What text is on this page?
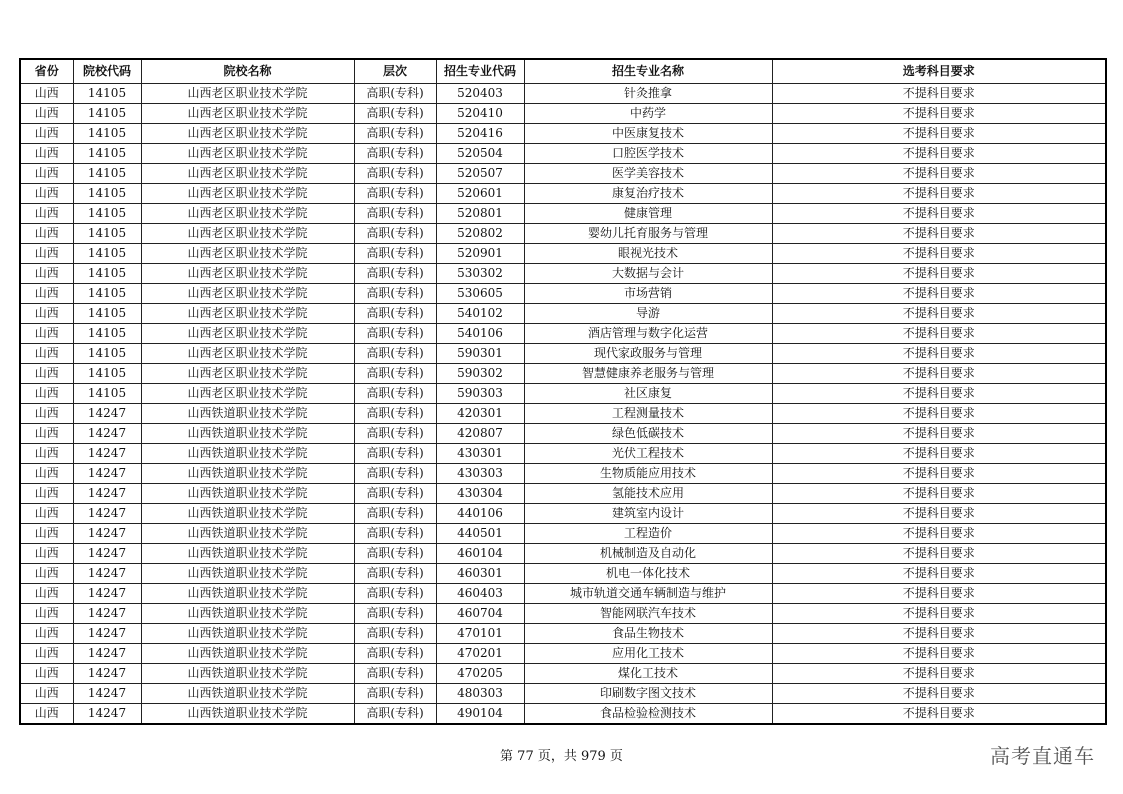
省份	院校代码	院校名称	层次	招生专业代码	招生专业名称	选考科目要求
山西	14105	山西老区职业技术学院	高职(专科)	520403	针灸推拿	不提科目要求
山西	14105	山西老区职业技术学院	高职(专科)	520410	中药学	不提科目要求
山西	14105	山西老区职业技术学院	高职(专科)	520416	中医康复技术	不提科目要求
山西	14105	山西老区职业技术学院	高职(专科)	520504	口腔医学技术	不提科目要求
山西	14105	山西老区职业技术学院	高职(专科)	520507	医学美容技术	不提科目要求
山西	14105	山西老区职业技术学院	高职(专科)	520601	康复治疗技术	不提科目要求
山西	14105	山西老区职业技术学院	高职(专科)	520801	健康管理	不提科目要求
山西	14105	山西老区职业技术学院	高职(专科)	520802	婴幼儿托育服务与管理	不提科目要求
山西	14105	山西老区职业技术学院	高职(专科)	520901	眼视光技术	不提科目要求
山西	14105	山西老区职业技术学院	高职(专科)	530302	大数据与会计	不提科目要求
山西	14105	山西老区职业技术学院	高职(专科)	530605	市场营销	不提科目要求
山西	14105	山西老区职业技术学院	高职(专科)	540102	导游	不提科目要求
山西	14105	山西老区职业技术学院	高职(专科)	540106	酒店管理与数字化运营	不提科目要求
山西	14105	山西老区职业技术学院	高职(专科)	590301	现代家政服务与管理	不提科目要求
山西	14105	山西老区职业技术学院	高职(专科)	590302	智慧健康养老服务与管理	不提科目要求
山西	14105	山西老区职业技术学院	高职(专科)	590303	社区康复	不提科目要求
山西	14247	山西铁道职业技术学院	高职(专科)	420301	工程测量技术	不提科目要求
山西	14247	山西铁道职业技术学院	高职(专科)	420807	绿色低碳技术	不提科目要求
山西	14247	山西铁道职业技术学院	高职(专科)	430301	光伏工程技术	不提科目要求
山西	14247	山西铁道职业技术学院	高职(专科)	430303	生物质能应用技术	不提科目要求
山西	14247	山西铁道职业技术学院	高职(专科)	430304	氢能技术应用	不提科目要求
山西	14247	山西铁道职业技术学院	高职(专科)	440106	建筑室内设计	不提科目要求
山西	14247	山西铁道职业技术学院	高职(专科)	440501	工程造价	不提科目要求
山西	14247	山西铁道职业技术学院	高职(专科)	460104	机械制造及自动化	不提科目要求
山西	14247	山西铁道职业技术学院	高职(专科)	460301	机电一体化技术	不提科目要求
山西	14247	山西铁道职业技术学院	高职(专科)	460403	城市轨道交通车辆制造与维护	不提科目要求
山西	14247	山西铁道职业技术学院	高职(专科)	460704	智能网联汽车技术	不提科目要求
山西	14247	山西铁道职业技术学院	高职(专科)	470101	食品生物技术	不提科目要求
山西	14247	山西铁道职业技术学院	高职(专科)	470201	应用化工技术	不提科目要求
山西	14247	山西铁道职业技术学院	高职(专科)	470205	煤化工技术	不提科目要求
山西	14247	山西铁道职业技术学院	高职(专科)	480303	印刷数字图文技术	不提科目要求
山西	14247	山西铁道职业技术学院	高职(专科)	490104	食品检验检测技术	不提科目要求
第 77 页，共 979 页	高考直通车
